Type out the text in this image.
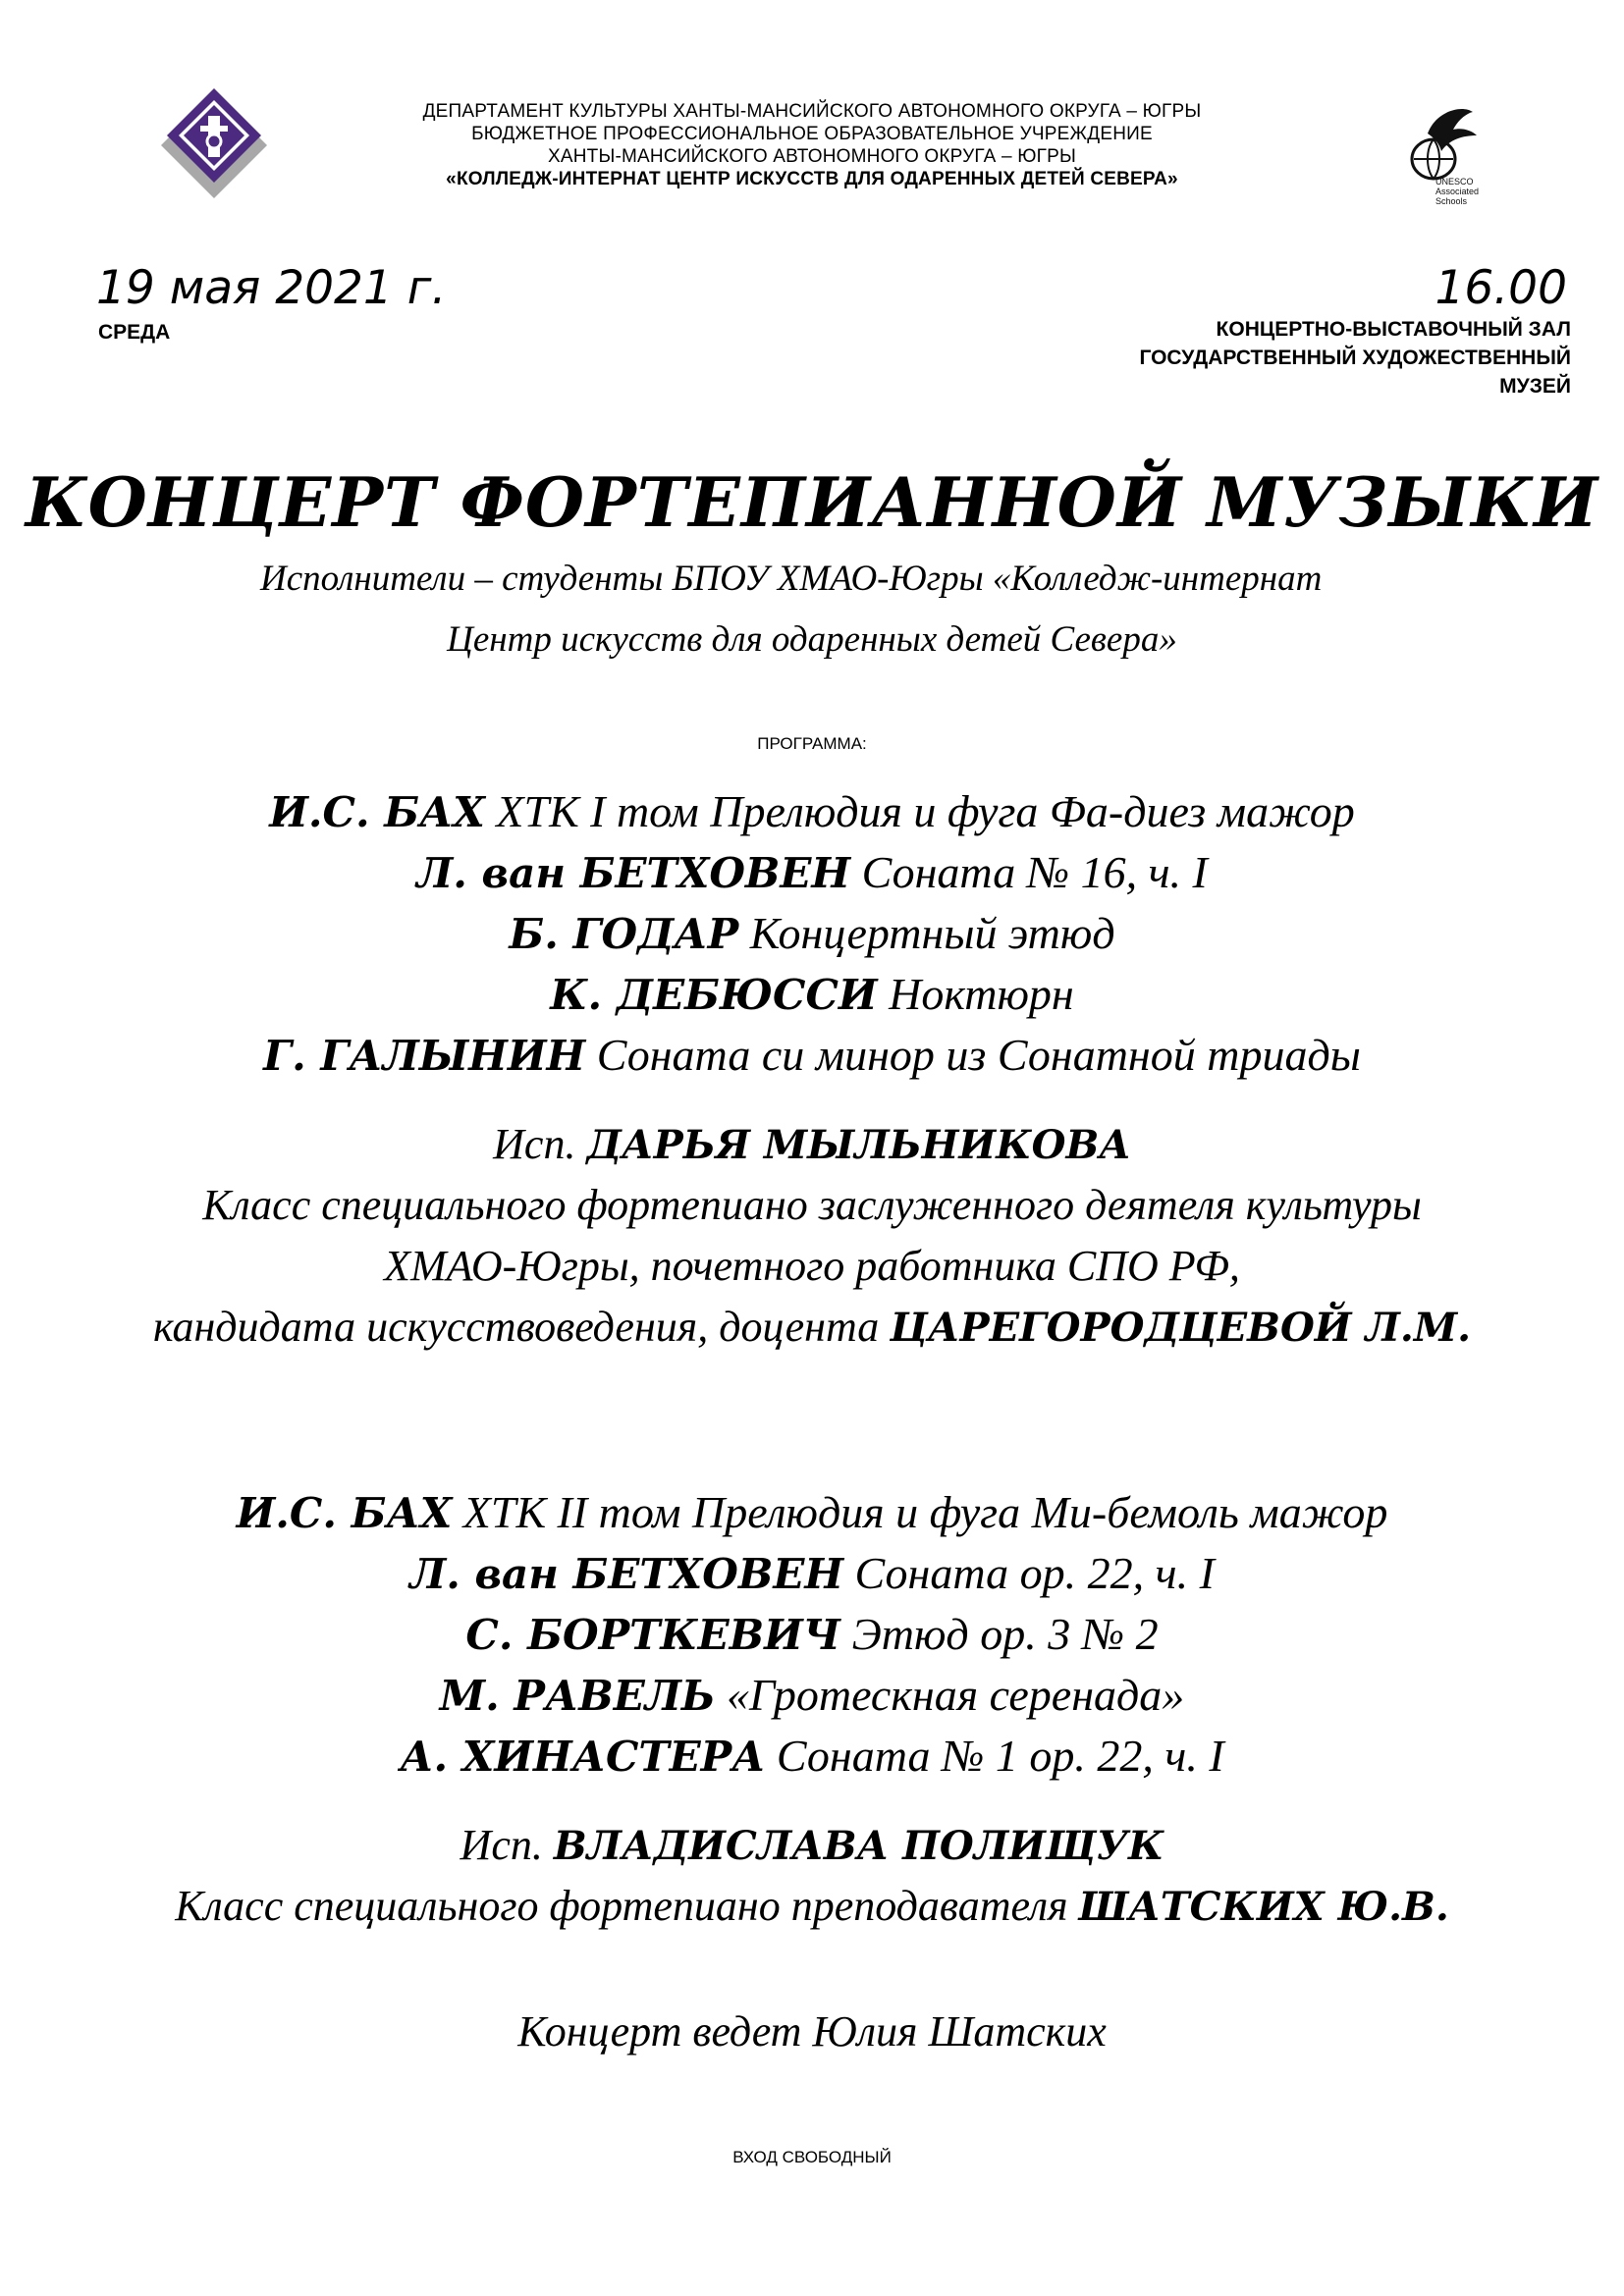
UNESCO Associated Schools
ДЕПАРТАМЕНТ КУЛЬТУРЫ ХАНТЫ-МАНСИЙСКОГО АВТОНОМНОГО ОКРУГА – ЮГРЫ
БЮДЖЕТНОЕ ПРОФЕССИОНАЛЬНОЕ ОБРАЗОВАТЕЛЬНОЕ УЧРЕЖДЕНИЕ
ХАНТЫ-МАНСИЙСКОГО АВТОНОМНОГО ОКРУГА – ЮГРЫ
«КОЛЛЕДЖ-ИНТЕРНАТ ЦЕНТР ИСКУССТВ ДЛЯ ОДАРЕННЫХ ДЕТЕЙ СЕВЕРА»
19 мая 2021 г.
СРЕДА
16.00
КОНЦЕРТНО-ВЫСТАВОЧНЫЙ ЗАЛ
ГОСУДАРСТВЕННЫЙ ХУДОЖЕСТВЕННЫЙ
МУЗЕЙ
КОНЦЕРТ ФОРТЕПИАННОЙ МУЗЫКИ
Исполнители – студенты БПОУ ХМАО-Югры «Колледж-интернат
Центр искусств для одаренных детей Севера»
ПРОГРАММА:
И.С. БАХ ХТК I том Прелюдия и фуга Фа-диез мажор
Л. ван БЕТХОВЕН Соната № 16, ч. I
Б. ГОДАР Концертный этюд
К. ДЕБЮССИ Ноктюрн
Г. ГАЛЫНИН Соната си минор из Сонатной триады
Исп. ДАРЬЯ МЫЛЬНИКОВА
Класс специального фортепиано заслуженного деятеля культуры
ХМАО-Югры, почетного работника СПО РФ,
кандидата искусствоведения, доцента ЦАРЕГОРОДЦЕВОЙ Л.М.
И.С. БАХ ХТК II том Прелюдия и фуга Ми-бемоль мажор
Л. ван БЕТХОВЕН Соната ор. 22, ч. I
С. БОРТКЕВИЧ Этюд ор. 3 № 2
М. РАВЕЛЬ «Гротескная серенада»
А. ХИНАСТЕРА Соната № 1 ор. 22, ч. I
Исп. ВЛАДИСЛАВА ПОЛИЩУК
Класс специального фортепиано преподавателя ШАТСКИХ Ю.В.
Концерт ведет Юлия Шатских
ВХОД СВОБОДНЫЙ
